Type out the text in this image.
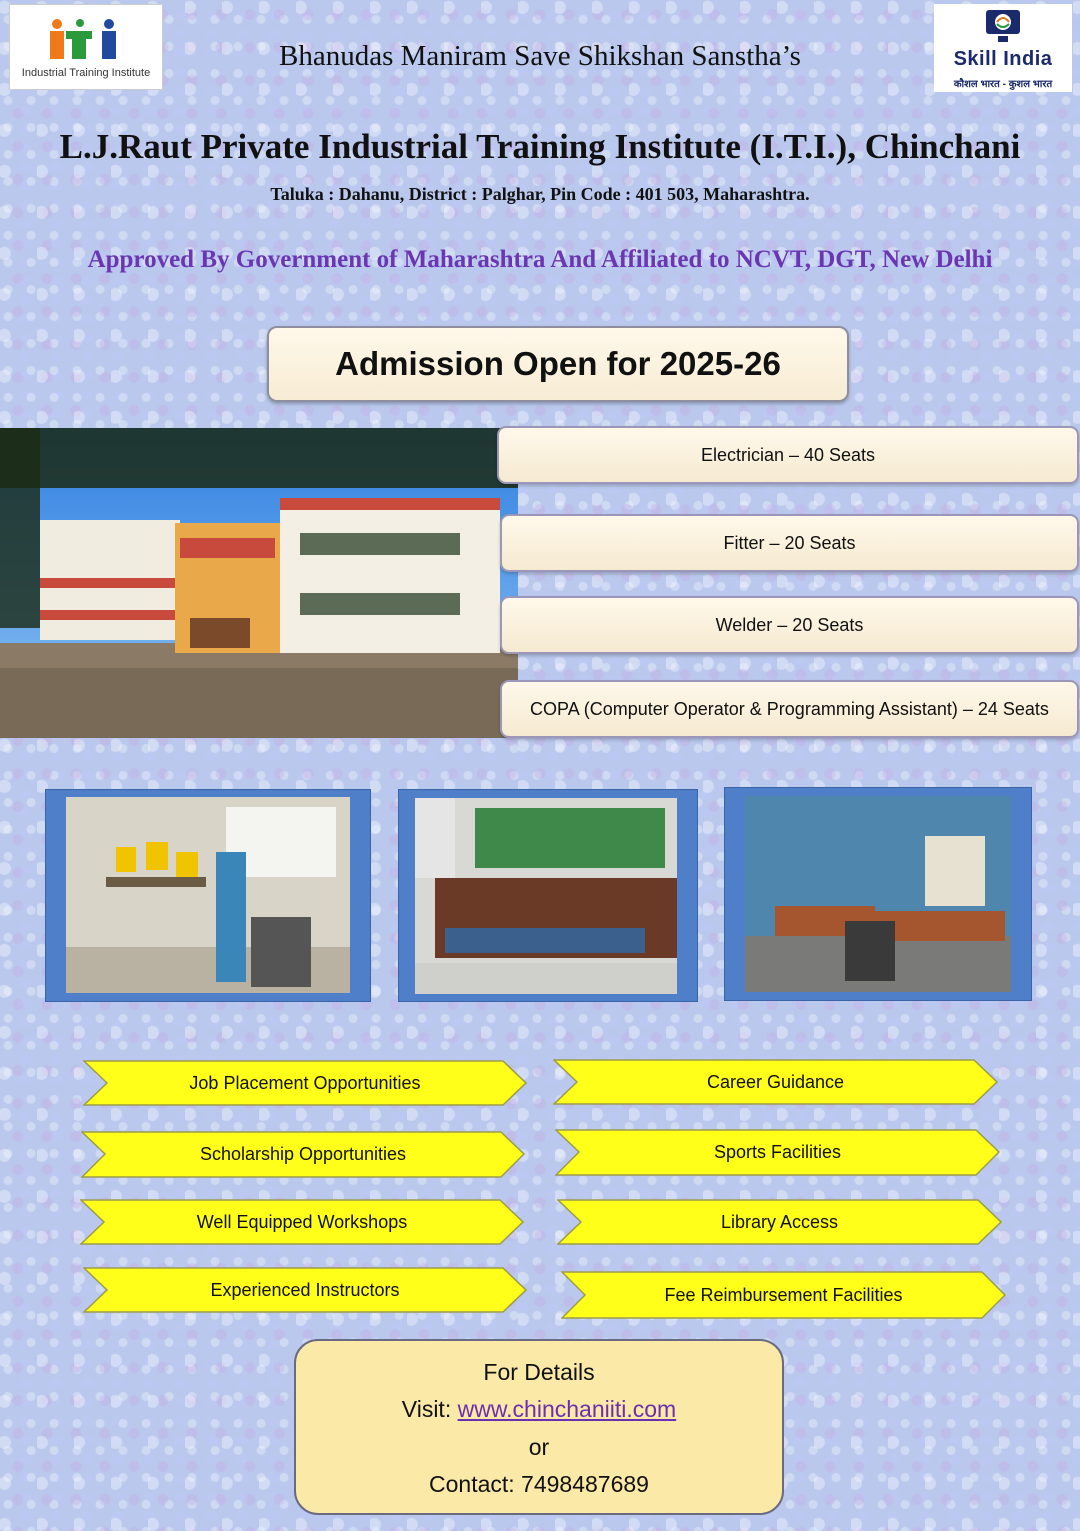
Industrial Training Institute
Skill India
कौशल भारत - कुशल भारत
Bhanudas Maniram Save Shikshan Sanstha’s
L.J.Raut Private Industrial Training Institute (I.T.I.), Chinchani
Taluka : Dahanu, District : Palghar, Pin Code : 401 503, Maharashtra.
Approved By Government of Maharashtra And Affiliated to NCVT, DGT, New Delhi
Admission Open for 2025-26
Electrician – 40 Seats
Fitter – 20 Seats
Welder – 20 Seats
COPA (Computer Operator & Programming Assistant) – 24 Seats
Job Placement Opportunities
Scholarship Opportunities
Well Equipped Workshops
Experienced Instructors
Career Guidance
Sports Facilities
Library Access
Fee Reimbursement Facilities
For Details
Visit: www.chinchaniiti.com
or
Contact: 7498487689
